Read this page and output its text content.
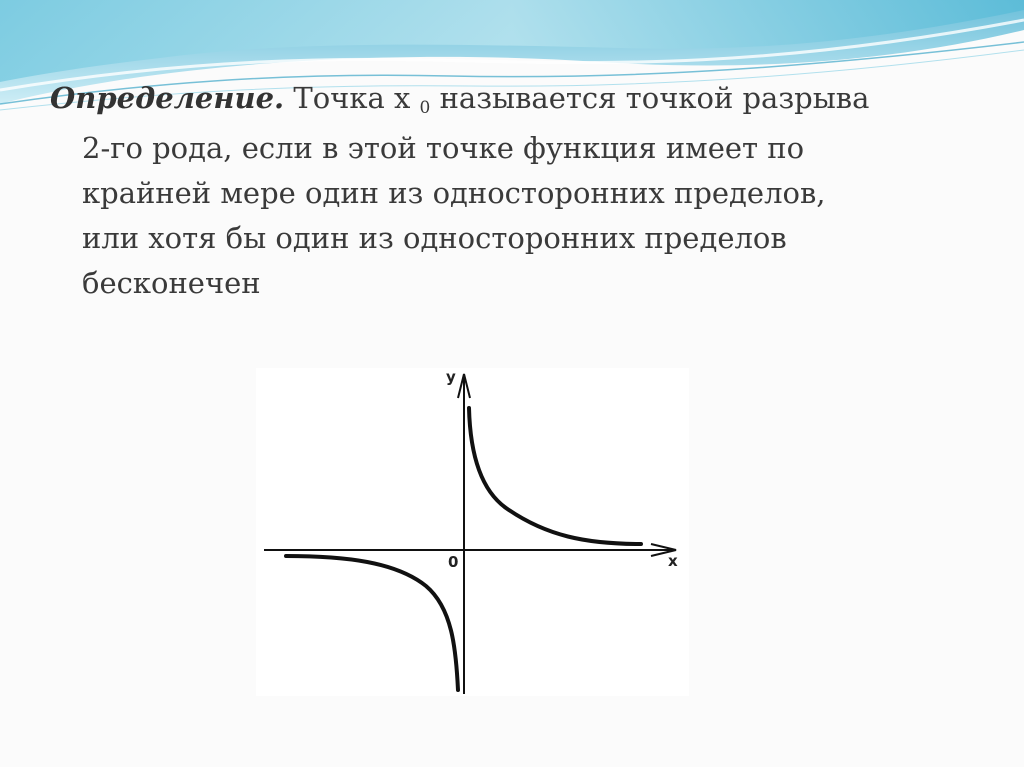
Определение. Точка х 0 называется точкой разрыва
2-го рода, если в этой точке функция имеет по
крайней мере один из односторонних пределов,
или хотя бы один из односторонних пределов
бесконечен
у
х
0
